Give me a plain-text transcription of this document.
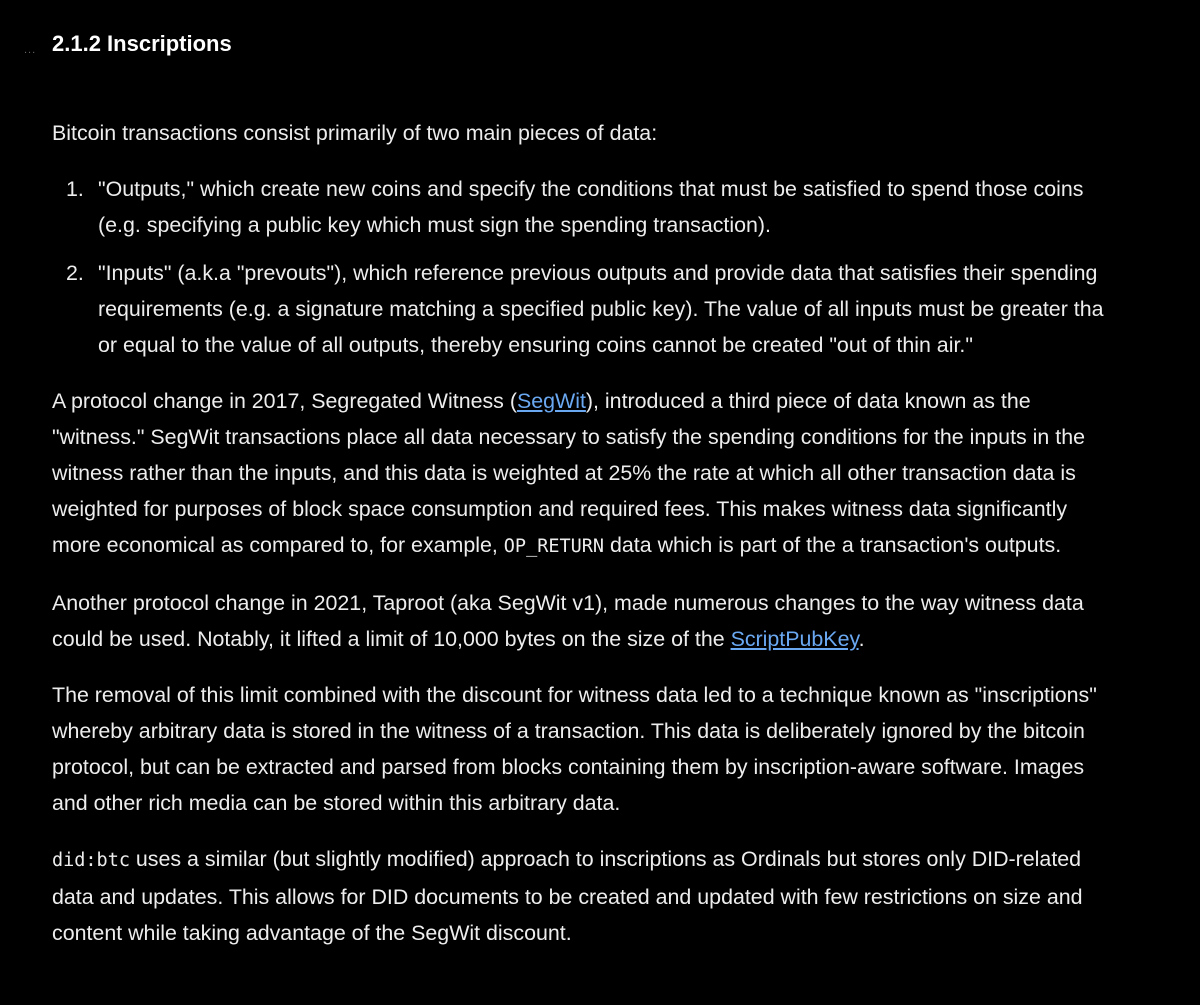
... 2.1.2 Inscriptions

Bitcoin transactions consist primarily of two main pieces of data:

1. "Outputs," which create new coins and specify the conditions that must be satisfied to spend those coins
(e.g. specifying a public key which must sign the spending transaction).
2. "Inputs" (a.k.a "prevouts"), which reference previous outputs and provide data that satisfies their spending
requirements (e.g. a signature matching a specified public key). The value of all inputs must be greater tha
or equal to the value of all outputs, thereby ensuring coins cannot be created "out of thin air."

A protocol change in 2017, Segregated Witness (SegWit), introduced a third piece of data known as the

"witness." SegWit transactions place all data necessary to satisfy the spending conditions for the inputs in the

witness rather than the inputs, and this data is weighted at 25% the rate at which all other transaction data is

weighted for purposes of block space consumption and required fees. This makes witness data significantly

more economical as compared to, for example, OP_RETURN data which is part of the a transaction's outputs.

Another protocol change in 2021, Taproot (aka SegWit v1), made numerous changes to the way witness data

could be used. Notably, it lifted a limit of 10,000 bytes on the size of the ScriptPubKey.

The removal of this limit combined with the discount for witness data led to a technique known as "inscriptions"

whereby arbitrary data is stored in the witness of a transaction. This data is deliberately ignored by the bitcoin

protocol, but can be extracted and parsed from blocks containing them by inscription-aware software. Images

and other rich media can be stored within this arbitrary data.

did:btc uses a similar (but slightly modified) approach to inscriptions as Ordinals but stores only DID-related

data and updates. This allows for DID documents to be created and updated with few restrictions on size and

content while taking advantage of the SegWit discount.
